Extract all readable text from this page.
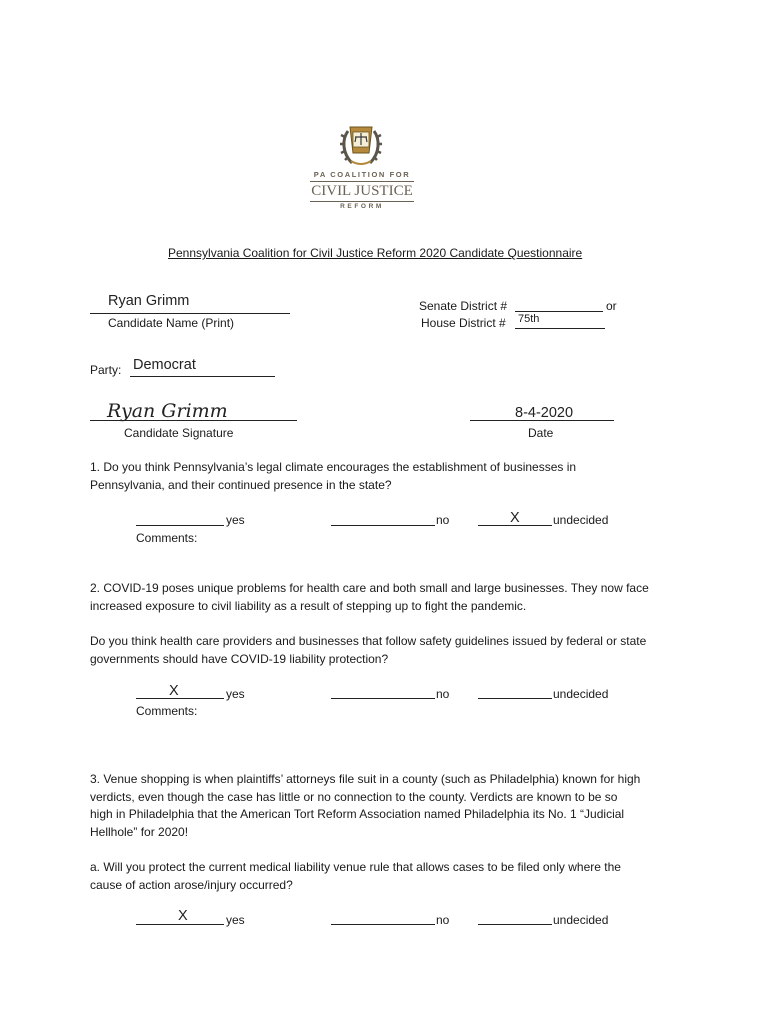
PA COALITION FOR
CIVIL JUSTICE
REFORM
Pennsylvania Coalition for Civil Justice Reform 2020 Candidate Questionnaire
Ryan Grimm
Candidate Name (Print)
Senate District #	or
House District # 75th
Party: Democrat
Ryan Grimm
Candidate Signature
8-4-2020
Date
1. Do you think Pennsylvania’s legal climate encourages the establishment of businesses in
Pennsylvania, and their continued presence in the state?
yes	no	X	undecided
Comments:
2. COVID-19 poses unique problems for health care and both small and large businesses. They now face
increased exposure to civil liability as a result of stepping up to fight the pandemic.
Do you think health care providers and businesses that follow safety guidelines issued by federal or state
governments should have COVID-19 liability protection?
X	yes	no	undecided
Comments:
3. Venue shopping is when plaintiffs’ attorneys file suit in a county (such as Philadelphia) known for high
verdicts, even though the case has little or no connection to the county. Verdicts are known to be so
high in Philadelphia that the American Tort Reform Association named Philadelphia its No. 1 “Judicial
Hellhole” for 2020!
a. Will you protect the current medical liability venue rule that allows cases to be filed only where the
cause of action arose/injury occurred?
X	yes	no	undecided
